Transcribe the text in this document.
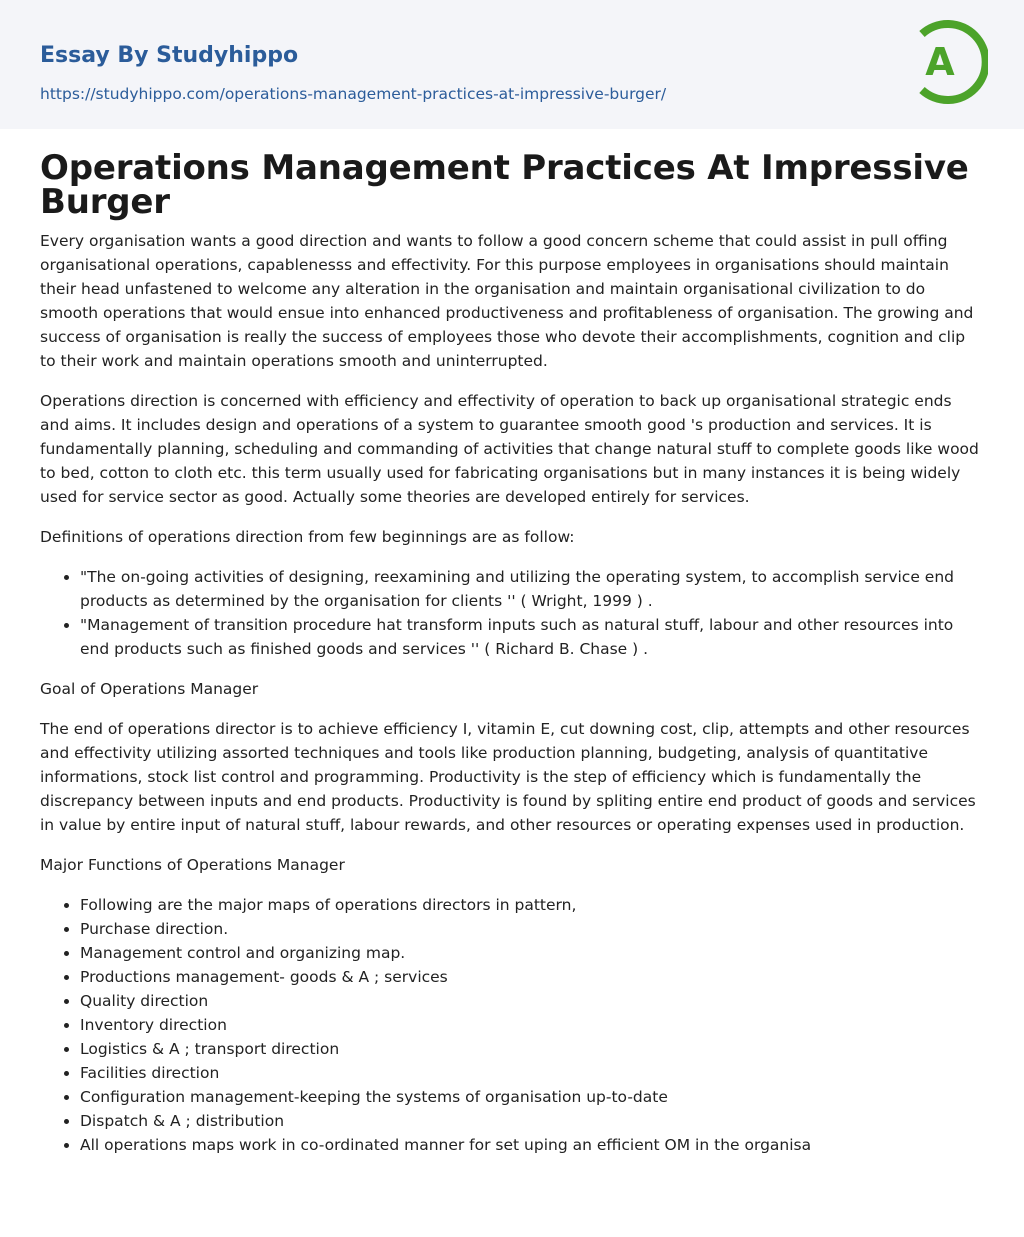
Essay By Studyhippo
https://studyhippo.com/operations-management-practices-at-impressive-burger/
A
Operations Management Practices At Impressive Burger

Every organisation wants a good direction and wants to follow a good concern scheme that could assist in pull offing organisational operations, capablenesss and effectivity. For this purpose employees in organisations should maintain their head unfastened to welcome any alteration in the organisation and maintain organisational civilization to do smooth operations that would ensue into enhanced productiveness and profitableness of organisation. The growing and success of organisation is really the success of employees those who devote their accomplishments, cognition and clip to their work and maintain operations smooth and uninterrupted.

Operations direction is concerned with efficiency and effectivity of operation to back up organisational strategic ends and aims. It includes design and operations of a system to guarantee smooth good 's production and services. It is fundamentally planning, scheduling and commanding of activities that change natural stuff to complete goods like wood to bed, cotton to cloth etc. this term usually used for fabricating organisations but in many instances it is being widely used for service sector as good. Actually some theories are developed entirely for services.

Definitions of operations direction from few beginnings are as follow:

• "The on-going activities of designing, reexamining and utilizing the operating system, to accomplish service end products as determined by the organisation for clients '' ( Wright, 1999 ) .
• "Management of transition procedure hat transform inputs such as natural stuff, labour and other resources into end products such as finished goods and services '' ( Richard B. Chase ) .

Goal of Operations Manager

The end of operations director is to achieve efficiency I, vitamin E, cut downing cost, clip, attempts and other resources and effectivity utilizing assorted techniques and tools like production planning, budgeting, analysis of quantitative informations, stock list control and programming. Productivity is the step of efficiency which is fundamentally the discrepancy between inputs and end products. Productivity is found by spliting entire end product of goods and services in value by entire input of natural stuff, labour rewards, and other resources or operating expenses used in production.

Major Functions of Operations Manager

• Following are the major maps of operations directors in pattern,
• Purchase direction.
• Management control and organizing map.
• Productions management- goods & A ; services
• Quality direction
• Inventory direction
• Logistics & A ; transport direction
• Facilities direction
• Configuration management-keeping the systems of organisation up-to-date
• Dispatch & A ; distribution
• All operations maps work in co-ordinated manner for set uping an efficient OM in the organisa
